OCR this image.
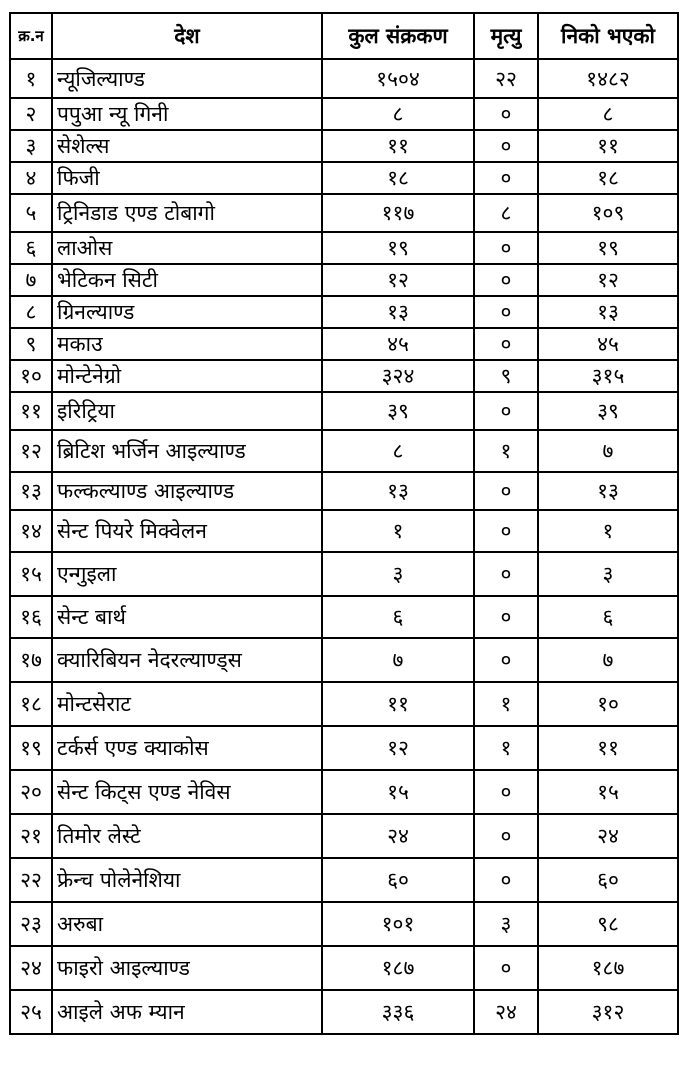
क्र.न	देश	कुल संक्रकण	मृत्यु	निको भएको
१	न्यूजिल्याण्ड	१५०४	२२	१४८२
२	पपुआ न्यू गिनी	८	०	८
३	सेशेल्स	११	०	११
४	फिजी	१८	०	१८
५	ट्रिनिडाड एण्ड टोबागो	११७	८	१०९
६	लाओस	१९	०	१९
७	भेटिकन सिटी	१२	०	१२
८	ग्रिनल्याण्ड	१३	०	१३
९	मकाउ	४५	०	४५
१०	मोन्टेनेग्रो	३२४	९	३१५
११	इरिट्रिया	३९	०	३९
१२	ब्रिटिश भर्जिन आइल्याण्ड	८	१	७
१३	फल्कल्याण्ड आइल्याण्ड	१३	०	१३
१४	सेन्ट पियरे मिक्वेलन	१	०	१
१५	एन्गुइला	३	०	३
१६	सेन्ट बार्थ	६	०	६
१७	क्यारिबियन नेदरल्याण्ड्स	७	०	७
१८	मोन्टसेराट	११	१	१०
१९	टर्कर्स एण्ड क्याकोस	१२	१	११
२०	सेन्ट किट्स एण्ड नेविस	१५	०	१५
२१	तिमोर लेस्टे	२४	०	२४
२२	फ्रेन्च पोलेनेशिया	६०	०	६०
२३	अरुबा	१०१	३	९८
२४	फाइरो आइल्याण्ड	१८७	०	१८७
२५	आइले अफ म्यान	३३६	२४	३१२
